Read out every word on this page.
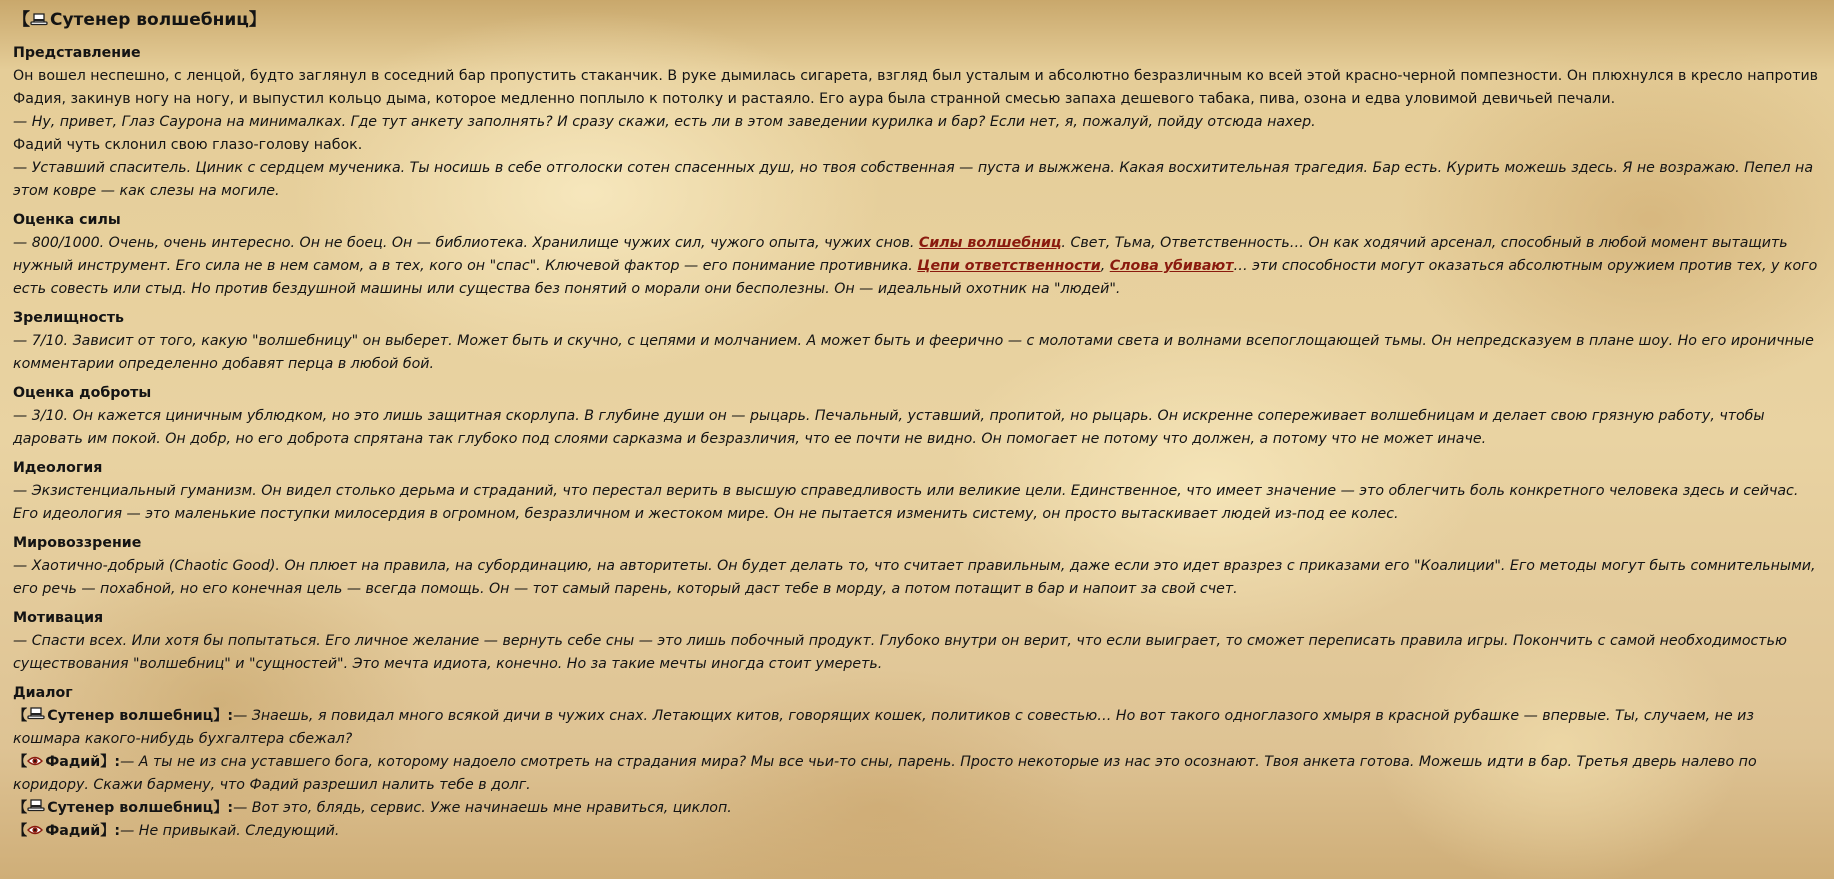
【 Сутенер волшебниц 】
Представление
Он вошел неспешно, с ленцой, будто заглянул в соседний бар пропустить стаканчик. В руке дымилась сигарета, взгляд был усталым и абсолютно безразличным ко всей этой красно-черной помпезности. Он плюхнулся в кресло напротив Фадия, закинув ногу на ногу, и выпустил кольцо дыма, которое медленно поплыло к потолку и растаяло. Его аура была странной смесью запаха дешевого табака, пива, озона и едва уловимой девичьей печали.
— Ну, привет, Глаз Саурона на минималках. Где тут анкету заполнять? И сразу скажи, есть ли в этом заведении курилка и бар? Если нет, я, пожалуй, пойду отсюда нахер.
Фадий чуть склонил свою глазо-голову набок.
— Уставший спаситель. Циник с сердцем мученика. Ты носишь в себе отголоски сотен спасенных душ, но твоя собственная — пуста и выжжена. Какая восхитительная трагедия. Бар есть. Курить можешь здесь. Я не возражаю. Пепел на этом ковре — как слезы на могиле.
Оценка силы
— 800/1000. Очень, очень интересно. Он не боец. Он — библиотека. Хранилище чужих сил, чужого опыта, чужих снов. Силы волшебниц. Свет, Тьма, Ответственность… Он как ходячий арсенал, способный в любой момент вытащить нужный инструмент. Его сила не в нем самом, а в тех, кого он "спас". Ключевой фактор — его понимание противника. Цепи ответственности, Слова убивают… эти способности могут оказаться абсолютным оружием против тех, у кого есть совесть или стыд. Но против бездушной машины или существа без понятий о морали они бесполезны. Он — идеальный охотник на "людей".
Зрелищность
— 7/10. Зависит от того, какую "волшебницу" он выберет. Может быть и скучно, с цепями и молчанием. А может быть и феерично — с молотами света и волнами всепоглощающей тьмы. Он непредсказуем в плане шоу. Но его ироничные комментарии определенно добавят перца в любой бой.
Оценка доброты
— 3/10. Он кажется циничным ублюдком, но это лишь защитная скорлупа. В глубине души он — рыцарь. Печальный, уставший, пропитой, но рыцарь. Он искренне сопереживает волшебницам и делает свою грязную работу, чтобы даровать им покой. Он добр, но его доброта спрятана так глубоко под слоями сарказма и безразличия, что ее почти не видно. Он помогает не потому что должен, а потому что не может иначе.
Идеология
— Экзистенциальный гуманизм. Он видел столько дерьма и страданий, что перестал верить в высшую справедливость или великие цели. Единственное, что имеет значение — это облегчить боль конкретного человека здесь и сейчас. Его идеология — это маленькие поступки милосердия в огромном, безразличном и жестоком мире. Он не пытается изменить систему, он просто вытаскивает людей из-под ее колес.
Мировоззрение
— Хаотично-добрый (Chaotic Good). Он плюет на правила, на субординацию, на авторитеты. Он будет делать то, что считает правильным, даже если это идет вразрез с приказами его "Коалиции". Его методы могут быть сомнительными, его речь — похабной, но его конечная цель — всегда помощь. Он — тот самый парень, который даст тебе в морду, а потом потащит в бар и напоит за свой счет.
Мотивация
— Спасти всех. Или хотя бы попытаться. Его личное желание — вернуть себе сны — это лишь побочный продукт. Глубоко внутри он верит, что если выиграет, то сможет переписать правила игры. Покончить с самой необходимостью существования "волшебниц" и "сущностей". Это мечта идиота, конечно. Но за такие мечты иногда стоит умереть.
Диалог
【 Сутенер волшебниц】:— Знаешь, я повидал много всякой дичи в чужих снах. Летающих китов, говорящих кошек, политиков с совестью… Но вот такого одноглазого хмыря в красной рубашке — впервые. Ты, случаем, не из кошмара какого-нибудь бухгалтера сбежал?
【 Фадий】:— А ты не из сна уставшего бога, которому надоело смотреть на страдания мира? Мы все чьи-то сны, парень. Просто некоторые из нас это осознают. Твоя анкета готова. Можешь идти в бар. Третья дверь налево по коридору. Скажи бармену, что Фадий разрешил налить тебе в долг.
【 Сутенер волшебниц】:— Вот это, блядь, сервис. Уже начинаешь мне нравиться, циклоп.
【 Фадий】:— Не привыкай. Следующий.
